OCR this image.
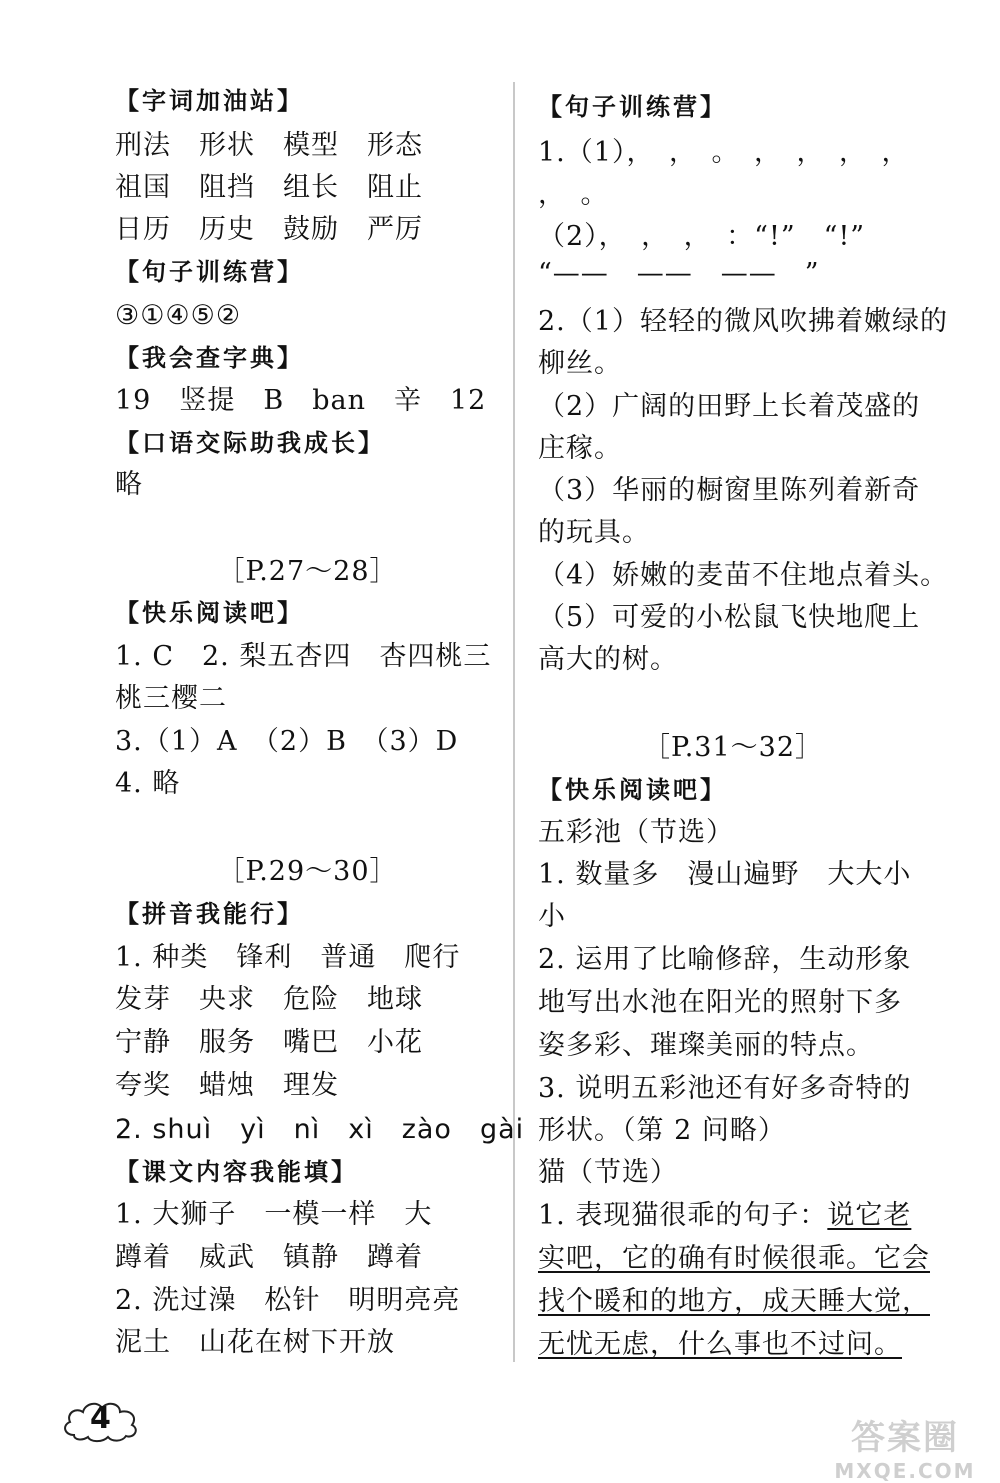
【字词加油站】
刑法　形状　模型　形态
祖国　阻挡　组长　阻止
日历　历史　鼓励　严厉
【句子训练营】
③①④⑤②
【我会查字典】
19　竖提　B　ban　辛　12
【口语交际助我成长】
略
［P.27～28］
【快乐阅读吧】
1. C　2. 梨五杏四　杏四桃三
桃三樱二
3.（1）A　（2）B　（3）D
4. 略
［P.29～30］
【拼音我能行】
1. 种类　锋利　普通　爬行
发芽　央求　危险　地球
宁静　服务　嘴巴　小花
夸奖　蜡烛　理发
2. shuì　yì　nì　xì　zào　gài
【课文内容我能填】
1. 大狮子　一模一样　大
蹲着　威武　镇静　蹲着
2. 洗过澡　松针　明明亮亮
泥土　山花在树下开放
【句子训练营】
1.（1），　，　。　，　，　，　，
，　。
（2），　，　，　：“!”　“!”
“——　——　——　”
2.（1）轻轻的微风吹拂着嫩绿的
柳丝。
（2）广阔的田野上长着茂盛的
庄稼。
（3）华丽的橱窗里陈列着新奇
的玩具。
（4）娇嫩的麦苗不住地点着头。
（5）可爱的小松鼠飞快地爬上
高大的树。
［P.31～32］
【快乐阅读吧】
五彩池（节选）
1. 数量多　漫山遍野　大大小
小
2. 运用了比喻修辞，生动形象
地写出水池在阳光的照射下多
姿多彩、璀璨美丽的特点。
3. 说明五彩池还有好多奇特的
形状。（第 2 问略）
猫（节选）
1. 表现猫很乖的句子：说它老
实吧，它的确有时候很乖。它会
找个暖和的地方，成天睡大觉，
无忧无虑，什么事也不过问。
4	答案圈
MXQE.COM
